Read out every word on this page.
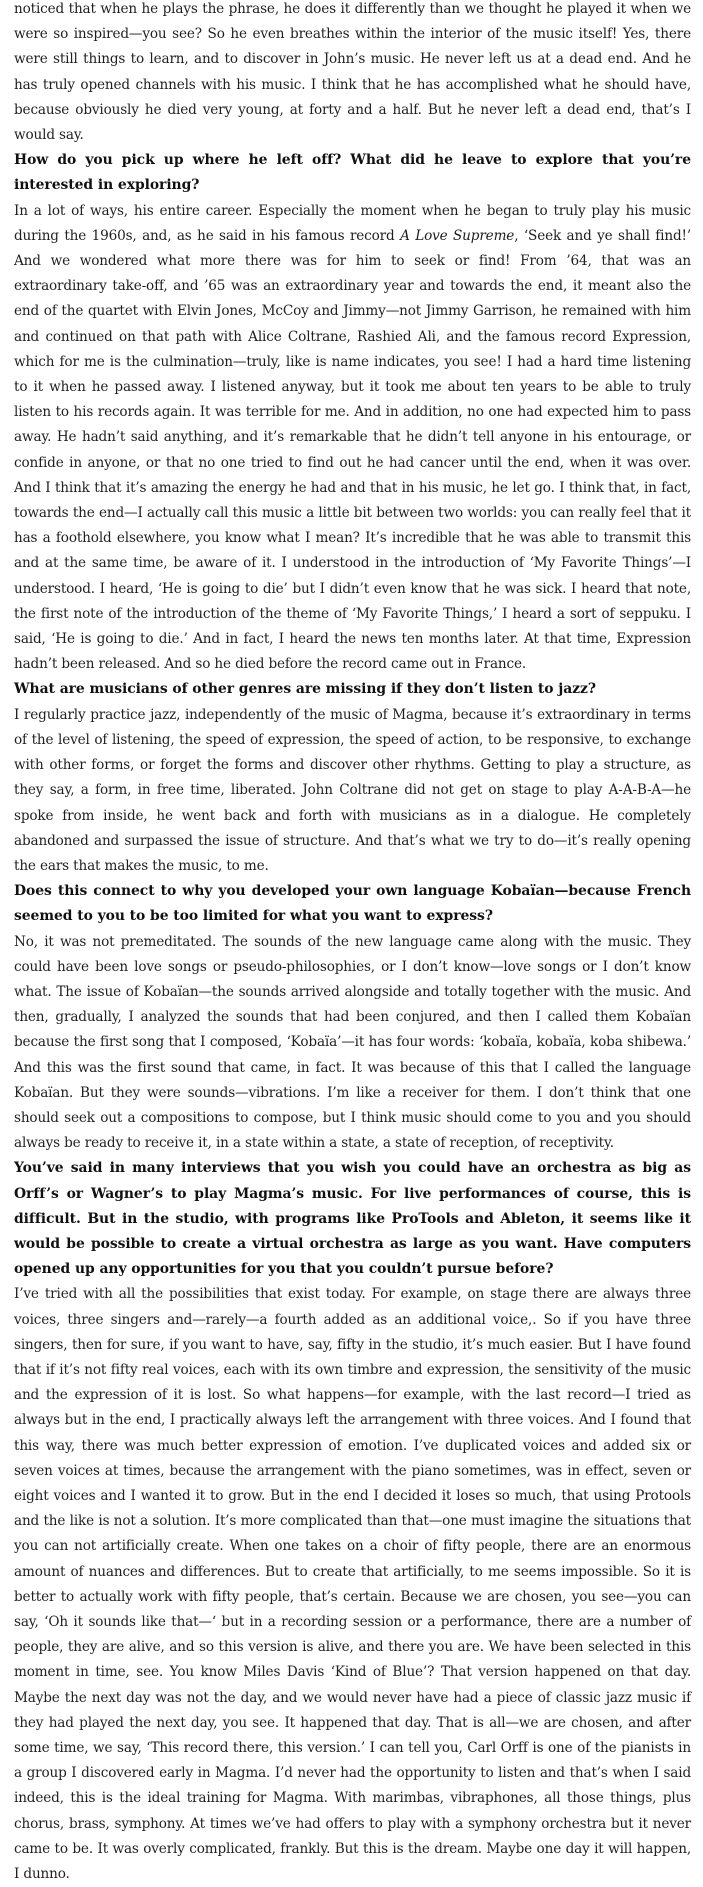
noticed that when he plays the phrase, he does it differently than we thought he played it when we were so inspired—you see? So he even breathes within the interior of the music itself! Yes, there were still things to learn, and to discover in John’s music. He never left us at a dead end. And he has truly opened channels with his music. I think that he has accomplished what he should have, because obviously he died very young, at forty and a half. But he never left a dead end, that’s I would say.

How do you pick up where he left off? What did he leave to explore that you’re interested in exploring?

In a lot of ways, his entire career. Especially the moment when he began to truly play his music during the 1960s, and, as he said in his famous record A Love Supreme, ‘Seek and ye shall find!’ And we wondered what more there was for him to seek or find! From ’64, that was an extraordinary take-off, and ’65 was an extraordinary year and towards the end, it meant also the end of the quartet with Elvin Jones, McCoy and Jimmy—not Jimmy Garrison, he remained with him and continued on that path with Alice Coltrane, Rashied Ali, and the famous record Expression, which for me is the culmination—truly, like is name indicates, you see! I had a hard time listening to it when he passed away. I listened anyway, but it took me about ten years to be able to truly listen to his records again. It was terrible for me. And in addition, no one had expected him to pass away. He hadn’t said anything, and it’s remarkable that he didn’t tell anyone in his entourage, or confide in anyone, or that no one tried to find out he had cancer until the end, when it was over. And I think that it’s amazing the energy he had and that in his music, he let go. I think that, in fact, towards the end—I actually call this music a little bit between two worlds: you can really feel that it has a foothold elsewhere, you know what I mean? It’s incredible that he was able to transmit this and at the same time, be aware of it. I understood in the introduction of ‘My Favorite Things’—I understood. I heard, ‘He is going to die’ but I didn’t even know that he was sick. I heard that note, the first note of the introduction of the theme of ‘My Favorite Things,’ I heard a sort of seppuku. I said, ‘He is going to die.’ And in fact, I heard the news ten months later. At that time, Expression hadn’t been released. And so he died before the record came out in France.

What are musicians of other genres are missing if they don’t listen to jazz?

I regularly practice jazz, independently of the music of Magma, because it’s extraordinary in terms of the level of listening, the speed of expression, the speed of action, to be responsive, to exchange with other forms, or forget the forms and discover other rhythms. Getting to play a structure, as they say, a form, in free time, liberated. John Coltrane did not get on stage to play A-A-B-A—he spoke from inside, he went back and forth with musicians as in a dialogue. He completely abandoned and surpassed the issue of structure. And that’s what we try to do—it’s really opening the ears that makes the music, to me.

Does this connect to why you developed your own language Kobaïan—because French seemed to you to be too limited for what you want to express?

No, it was not premeditated. The sounds of the new language came along with the music. They could have been love songs or pseudo-philosophies, or I don’t know—love songs or I don’t know what. The issue of Kobaïan—the sounds arrived alongside and totally together with the music. And then, gradually, I analyzed the sounds that had been conjured, and then I called them Kobaïan because the first song that I composed, ‘Kobaïa’—it has four words: ‘kobaïa, kobaïa, koba shibewa.’ And this was the first sound that came, in fact. It was because of this that I called the language Kobaïan. But they were sounds—vibrations. I’m like a receiver for them. I don’t think that one should seek out a compositions to compose, but I think music should come to you and you should always be ready to receive it, in a state within a state, a state of reception, of receptivity.

You’ve said in many interviews that you wish you could have an orchestra as big as Orff’s or Wagner’s to play Magma’s music. For live performances of course, this is difficult. But in the studio, with programs like ProTools and Ableton, it seems like it would be possible to create a virtual orchestra as large as you want. Have computers opened up any opportunities for you that you couldn’t pursue before?

I’ve tried with all the possibilities that exist today. For example, on stage there are always three voices, three singers and—rarely—a fourth added as an additional voice,. So if you have three singers, then for sure, if you want to have, say, fifty in the studio, it’s much easier. But I have found that if it’s not fifty real voices, each with its own timbre and expression, the sensitivity of the music and the expression of it is lost. So what happens—for example, with the last record—I tried as always but in the end, I practically always left the arrangement with three voices. And I found that this way, there was much better expression of emotion. I’ve duplicated voices and added six or seven voices at times, because the arrangement with the piano sometimes, was in effect, seven or eight voices and I wanted it to grow. But in the end I decided it loses so much, that using Protools and the like is not a solution. It’s more complicated than that—one must imagine the situations that you can not artificially create. When one takes on a choir of fifty people, there are an enormous amount of nuances and differences. But to create that artificially, to me seems impossible. So it is better to actually work with fifty people, that’s certain. Because we are chosen, you see—you can say, ‘Oh it sounds like that—‘ but in a recording session or a performance, there are a number of people, they are alive, and so this version is alive, and there you are. We have been selected in this moment in time, see. You know Miles Davis ‘Kind of Blue’? That version happened on that day. Maybe the next day was not the day, and we would never have had a piece of classic jazz music if they had played the next day, you see. It happened that day. That is all—we are chosen, and after some time, we say, ‘This record there, this version.’ I can tell you, Carl Orff is one of the pianists in a group I discovered early in Magma. I’d never had the opportunity to listen and that’s when I said indeed, this is the ideal training for Magma. With marimbas, vibraphones, all those things, plus chorus, brass, symphony. At times we’ve had offers to play with a symphony orchestra but it never came to be. It was overly complicated, frankly. But this is the dream. Maybe one day it will happen, I dunno.
